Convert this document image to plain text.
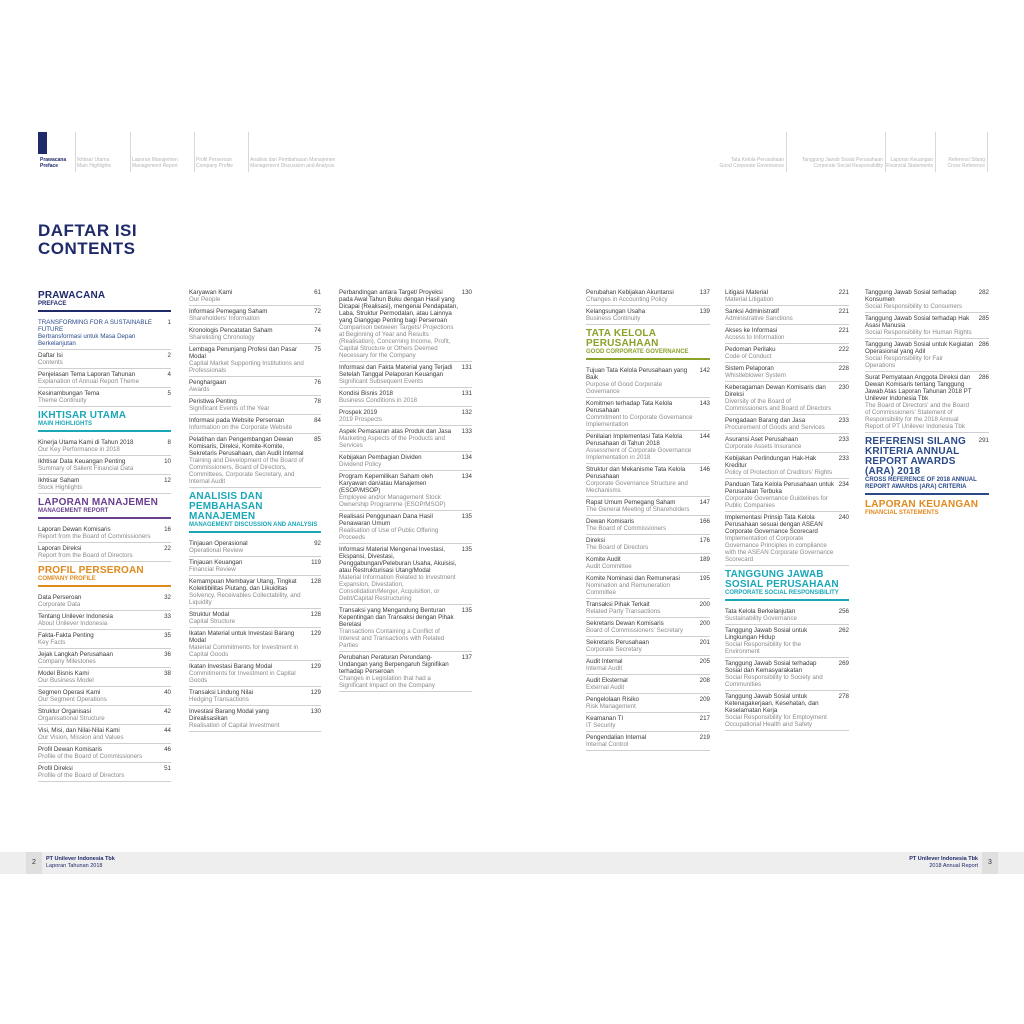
Prawacana
Preface
Ikhtisar Utama
Main Highlights
Laporan Manajemen
Management Report
Profil Perseroan
Company Profile
Analisis dan Pembahasan Manajemen
Management Discussion and Analysis
Tata Kelola Perusahaan
Good Corporate Governance
Tanggung Jawab Sosial Perusahaan
Corporate Social Responsibility
Laporan Keuangan
Financial Statements
Referensi Silang
Cross Reference
DAFTAR ISI
CONTENTS
PRAWACANA
PREFACE
TRANSFORMING FOR A SUSTAINABLE FUTURE
Bertransformasi untuk Masa Depan Berkelanjutan
1
Daftar Isi
Contents
2
Penjelasan Tema Laporan Tahunan
Explanation of Annual Report Theme
4
Kesinambungan Tema
Theme Continuity
5
IKHTISAR UTAMA
MAIN HIGHLIGHTS
Kinerja Utama Kami di Tahun 2018
Our Key Performance in 2018
8
Ikhtisar Data Keuangan Penting
Summary of Salient Financial Data
10
Ikhtisar Saham
Stock Highlights
12
LAPORAN MANAJEMEN
MANAGEMENT REPORT
Laporan Dewan Komisaris
Report from the Board of Commissioners
16
Laporan Direksi
Report from the Board of Directors
22
PROFIL PERSEROAN
COMPANY PROFILE
Data Perseroan
Corporate Data
32
Tentang Unilever Indonesia
About Unilever Indonesia
33
Fakta-Fakta Penting
Key Facts
35
Jejak Langkah Perusahaan
Company Milestones
36
Model Bisnis Kami
Our Business Model
38
Segmen Operasi Kami
Our Segment Operations
40
Struktur Organisasi
Organisational Structure
42
Visi, Misi, dan Nilai-Nilai Kami
Our Vision, Mission and Values
44
Profil Dewan Komisaris
Profile of the Board of Commissioners
46
Profil Direksi
Profile of the Board of Directors
51
Karyawan Kami
Our People
61
Informasi Pemegang Saham
Shareholders' Information
72
Kronologis Pencatatan Saham
Sharelisting Chronology
74
Lembaga Penunjang Profesi dan Pasar Modal
Capital Market Supporting Institutions and Professionals
75
Penghargaan
Awards
76
Peristiwa Penting
Significant Events of the Year
78
Informasi pada Website Perseroan
Information on the Corporate Website
84
Pelatihan dan Pengembangan Dewan Komisaris, Direksi, Komite-Komite, Sekretaris Perusahaan, dan Audit Internal
Training and Development of the Board of Commissioners, Board of Directors, Committees, Corporate Secretary, and Internal Audit
85
ANALISIS DAN PEMBAHASAN MANAJEMEN
MANAGEMENT DISCUSSION AND ANALYSIS
Tinjauan Operasional
Operational Review
92
Tinjauan Keuangan
Financial Review
119
Kemampuan Membayar Utang, Tingkat Kolektibilitas Piutang, dan Likuiditas
Solvency, Receivables Collectability, and Liquidity
128
Struktur Modal
Capital Structure
128
Ikatan Material untuk Investasi Barang Modal
Material Commitments for Investment in Capital Goods
129
Ikatan Investasi Barang Modal
Commitments for Investment in Capital Goods
129
Transaksi Lindung Nilai
Hedging Transactions
129
Investasi Barang Modal yang Direalisasikan
Realisation of Capital Investment
130
Perbandingan antara Target/ Proyeksi pada Awal Tahun Buku dengan Hasil yang Dicapai (Realisasi), mengenai Pendapatan, Laba, Struktur Permodalan, atau Lainnya yang Dianggap Penting bagi Perseroan
Comparison between Targets/ Projections at Beginning of Year and Results (Realisation), Concerning Income, Profit, Capital Structure or Others Deemed Necessary for the Company
130
Informasi dan Fakta Material yang Terjadi Setelah Tanggal Pelaporan Keuangan
Significant Subsequent Events
131
Kondisi Bisnis 2018
Business Conditions in 2018
131
Prospek 2019
2019 Prospects
132
Aspek Pemasaran atas Produk dan Jasa
Marketing Aspects of the Products and Services
133
Kebijakan Pembagian Dividen
Dividend Policy
134
Program Kepemilikan Saham oleh Karyawan dan/atau Manajemen (ESOP/MSOP)
Employee and/or Management Stock Ownership Programme (ESOP/MSOP)
134
Realisasi Penggunaan Dana Hasil Penawaran Umum
Realisation of Use of Public Offering Proceeds
135
Informasi Material Mengenai Investasi, Ekspansi, Divestasi, Penggabungan/Peleburan Usaha, Akuisisi, atau Restrukturisasi Utang/Modal
Material Information Related to Investment Expansion, Divestation, Consolidation/Merger, Acquisition, or Debt/Capital Restructuring
135
Transaksi yang Mengandung Benturan Kepentingan dan Transaksi dengan Pihak Berelasi
Transactions Containing a Conflict of Interest and Transactions with Related Parties
135
Perubahan Peraturan Perundang-Undangan yang Berpengaruh Signifikan terhadap Perseroan
Changes in Legislation that had a Significant Impact on the Company
137
Perubahan Kebijakan Akuntansi
Changes in Accounting Policy
137
Kelangsungan Usaha
Business Continuity
139
TATA KELOLA PERUSAHAAN
GOOD CORPORATE GOVERNANCE
Tujuan Tata Kelola Perusahaan yang Baik
Purpose of Good Corporate Governance
142
Komitmen terhadap Tata Kelola Perusahaan
Commitment to Corporate Governance Implementation
143
Penilaian Implementasi Tata Kelola Perusahaan di Tahun 2018
Assessment of Corporate Governance Implementation in 2018
144
Struktur dan Mekanisme Tata Kelola Perusahaan
Corporate Governance Structure and Mechanisms
146
Rapat Umum Pemegang Saham
The General Meeting of Shareholders
147
Dewan Komisaris
The Board of Commissioners
166
Direksi
The Board of Directors
176
Komite Audit
Audit Committee
189
Komite Nominasi dan Remunerasi
Nomination and Remuneration Committee
195
Transaksi Pihak Terkait
Related Party Transactions
200
Sekretaris Dewan Komisaris
Board of Commissioners' Secretary
200
Sekretaris Perusahaan
Corporate Secretary
201
Audit Internal
Internal Audit
205
Audit Eksternal
External Audit
208
Pengelolaan Risiko
Risk Management
209
Keamanan TI
IT Security
217
Pengendalian Internal
Internal Control
219
Litigasi Material
Material Litigation
221
Sanksi Administratif
Administrative Sanctions
221
Akses ke Informasi
Access to Information
221
Pedoman Perilaku
Code of Conduct
222
Sistem Pelaporan
Whistleblower System
228
Keberagaman Dewan Komisaris dan Direksi
Diversity of the Board of Commissioners and Board of Directors
230
Pengadaan Barang dan Jasa
Procurement of Goods and Services
233
Asuransi Aset Perusahaan
Corporate Assets Insurance
233
Kebijakan Perlindungan Hak-Hak Kreditur
Policy of Protection of Creditors' Rights
233
Panduan Tata Kelola Perusahaan untuk Perusahaan Terbuka
Corporate Governance Guidelines for Public Companies
234
Implementasi Prinsip Tata Kelola Perusahaan sesuai dengan ASEAN Corporate Governance Scorecard
Implementation of Corporate Governance Principles in compliance with the ASEAN Corporate Governance Scorecard
240
TANGGUNG JAWAB SOSIAL PERUSAHAAN
CORPORATE SOCIAL RESPONSIBILITY
Tata Kelola Berkelanjutan
Sustainability Governance
256
Tanggung Jawab Sosial untuk Lingkungan Hidup
Social Responsibility for the Environment
262
Tanggung Jawab Sosial terhadap Sosial dan Kemasyarakatan
Social Responsibility to Society and Communities
269
Tanggung Jawab Sosial untuk Ketenagakerjaan, Kesehatan, dan Keselamatan Kerja
Social Responsibility for Employment Occupational Health and Safety
278
Tanggung Jawab Sosial terhadap Konsumen
Social Responsibility to Consumers
282
Tanggung Jawab Sosial terhadap Hak Asasi Manusia
Social Responsibility for Human Rights
285
Tanggung Jawab Sosial untuk Kegiatan Operasional yang Adil
Social Responsibility for Fair Operations
286
Surat Pernyataan Anggota Direksi dan Dewan Komisaris tentang Tanggung Jawab Atas Laporan Tahunan 2018 PT Unilever Indonesia Tbk
The Board of Directors' and the Board of Commissioners' Statement of Responsibility for the 2018 Annual Report of PT Unilever Indonesia Tbk
286
REFERENSI SILANG KRITERIA ANNUAL REPORT AWARDS (ARA) 2018
CROSS REFERENCE OF 2018 ANNUAL REPORT AWARDS (ARA) CRITERIA
291
LAPORAN KEUANGAN
FINANCIAL STATEMENTS
2	PT Unilever Indonesia Tbk
Laporan Tahunan 2018
PT Unilever Indonesia Tbk
2018 Annual Report	3
